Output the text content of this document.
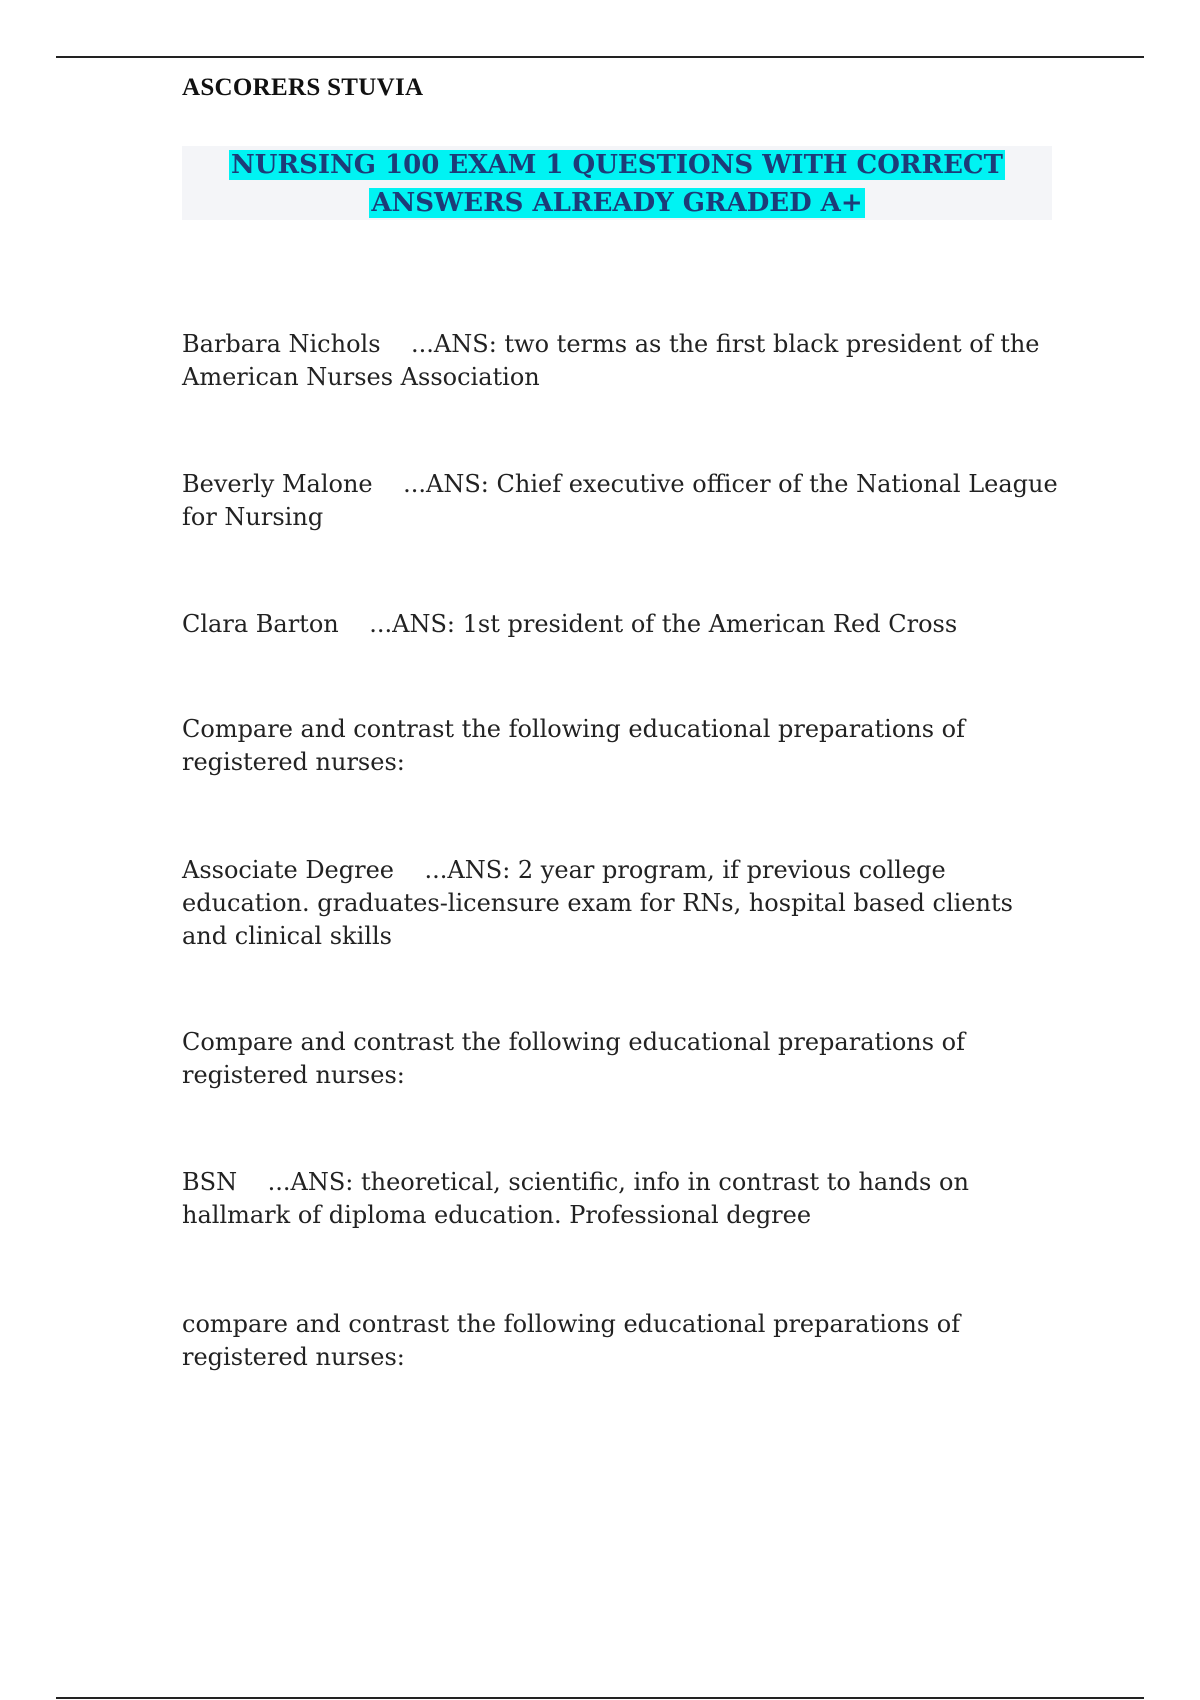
ASCORERS STUVIA
NURSING 100 EXAM 1 QUESTIONS WITH CORRECT
ANSWERS ALREADY GRADED A+
Barbara Nichols ...ANS: two terms as the first black president of the American Nurses Association
Beverly Malone ...ANS: Chief executive officer of the National League for Nursing
Clara Barton ...ANS: 1st president of the American Red Cross
Compare and contrast the following educational preparations of registered nurses:
Associate Degree ...ANS: 2 year program, if previous college education. graduates-licensure exam for RNs, hospital based clients and clinical skills
Compare and contrast the following educational preparations of registered nurses:
BSN ...ANS: theoretical, scientific, info in contrast to hands on hallmark of diploma education. Professional degree
compare and contrast the following educational preparations of registered nurses:
